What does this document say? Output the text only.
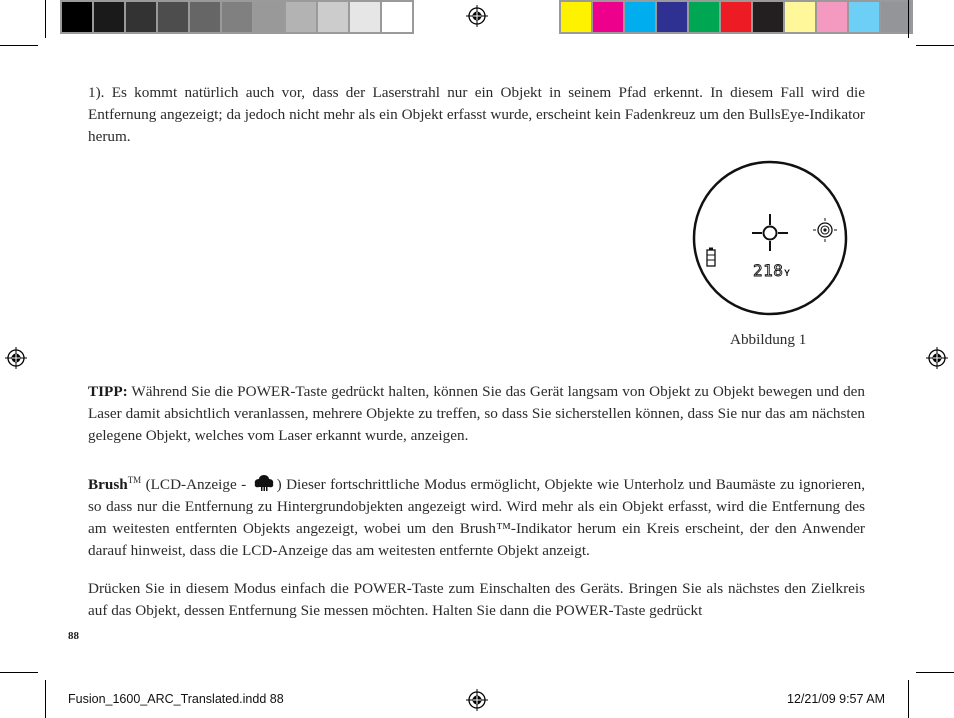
1). Es kommt natürlich auch vor, dass der Laserstrahl nur ein Objekt in seinem Pfad erkennt. In diesem Fall wird die Entfernung angezeigt; da jedoch nicht mehr als ein Objekt erfasst wurde, erscheint kein Fadenkreuz um den BullsEye-Indikator herum.

218 Y
Abbildung 1

TIPP: Während Sie die POWER-Taste gedrückt halten, können Sie das Gerät langsam von Objekt zu Objekt bewegen und den Laser damit absichtlich veranlassen, mehrere Objekte zu treffen, so dass Sie sicherstellen können, dass Sie nur das am nächsten gelegene Objekt, welches vom Laser erkannt wurde, anzeigen.

Brush™ (LCD-Anzeige - ) Dieser fortschrittliche Modus ermöglicht, Objekte wie Unterholz und Baumäste zu ignorieren, so dass nur die Entfernung zu Hintergrundobjekten angezeigt wird. Wird mehr als ein Objekt erfasst, wird die Entfernung des am weitesten entfernten Objekts angezeigt, wobei um den Brush™-Indikator herum ein Kreis erscheint, der den Anwender darauf hinweist, dass die LCD-Anzeige das am weitesten entfernte Objekt anzeigt.

Drücken Sie in diesem Modus einfach die POWER-Taste zum Einschalten des Geräts. Bringen Sie als nächstes den Zielkreis auf das Objekt, dessen Entfernung Sie messen möchten. Halten Sie dann die POWER-Taste gedrückt

88
Fusion_1600_ARC_Translated.indd 88	12/21/09 9:57 AM
